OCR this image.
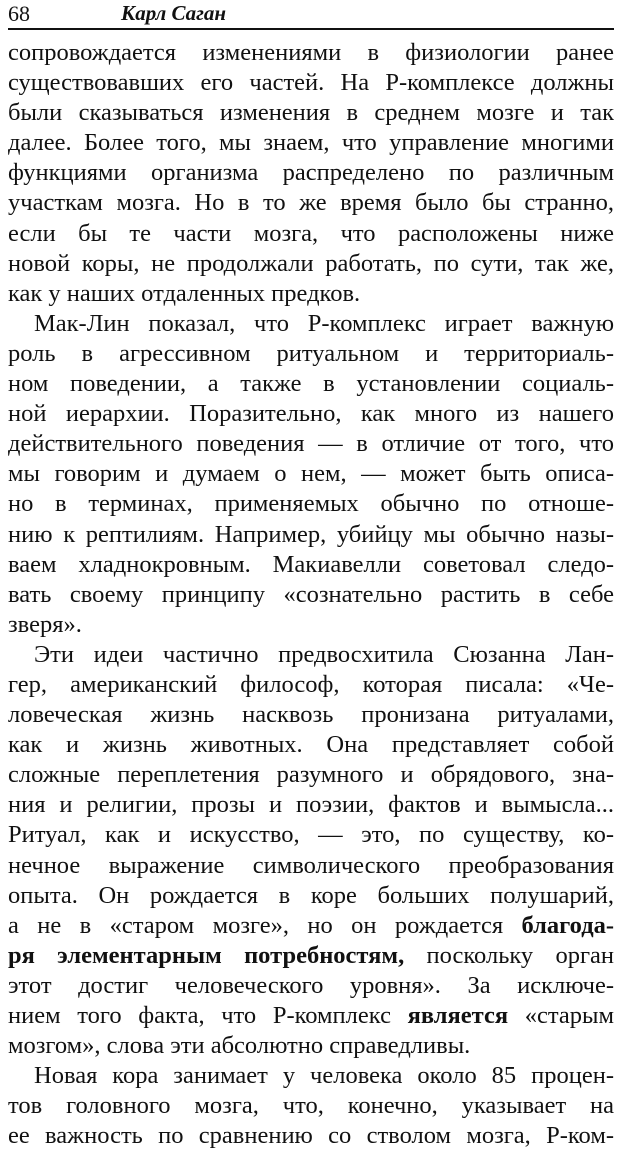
68	Карл Саган
сопровождается изменениями в физиологии ранее
существовавших его частей. На Р-комплексе должны
были сказываться изменения в среднем мозге и так
далее. Более того, мы знаем, что управление многими
функциями организма распределено по различным
участкам мозга. Но в то же время было бы странно,
если бы те части мозга, что расположены ниже
новой коры, не продолжали работать, по сути, так же,
как у наших отдаленных предков.
Мак-Лин показал, что Р-комплекс играет важную
роль в агрессивном ритуальном и территориаль-
ном поведении, а также в установлении социаль-
ной иерархии. Поразительно, как много из нашего
действительного поведения — в отличие от того, что
мы говорим и думаем о нем, — может быть описа-
но в терминах, применяемых обычно по отноше-
нию к рептилиям. Например, убийцу мы обычно назы-
ваем хладнокровным. Макиавелли советовал следо-
вать своему принципу «сознательно растить в себе
зверя».
Эти идеи частично предвосхитила Сюзанна Лан-
гер, американский философ, которая писала: «Че-
ловеческая жизнь насквозь пронизана ритуалами,
как и жизнь животных. Она представляет собой
сложные переплетения разумного и обрядового, зна-
ния и религии, прозы и поэзии, фактов и вымысла...
Ритуал, как и искусство, — это, по существу, ко-
нечное выражение символического преобразования
опыта. Он рождается в коре больших полушарий,
а не в «старом мозге», но он рождается благода-
ря элементарным потребностям, поскольку орган
этот достиг человеческого уровня». За исключе-
нием того факта, что Р-комплекс является «старым
мозгом», слова эти абсолютно справедливы.
Новая кора занимает у человека около 85 процен-
тов головного мозга, что, конечно, указывает на
ее важность по сравнению со стволом мозга, Р-ком-
